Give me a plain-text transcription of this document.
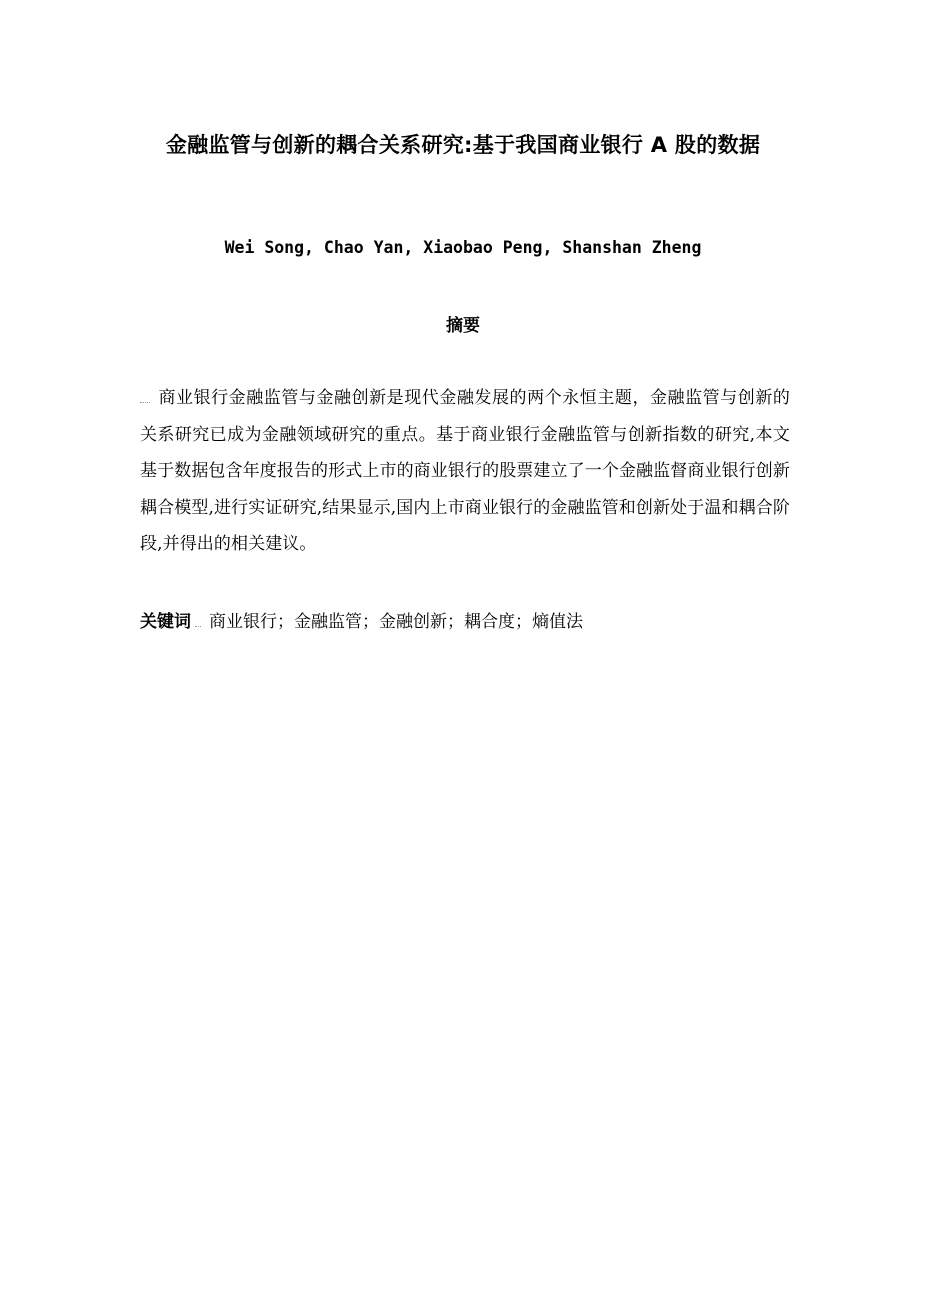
金融监管与创新的耦合关系研究:基于我国商业银行 A 股的数据
Wei Song, Chao Yan, Xiaobao Peng, Shanshan Zheng
摘要
商业银行金融监管与金融创新是现代金融发展的两个永恒主题，金融监管与创新的关系研究已成为金融领域研究的重点。基于商业银行金融监管与创新指数的研究,本文基于数据包含年度报告的形式上市的商业银行的股票建立了一个金融监督商业银行创新耦合模型,进行实证研究,结果显示,国内上市商业银行的金融监管和创新处于温和耦合阶段,并得出的相关建议。
关键词 商业银行；金融监管；金融创新；耦合度；熵值法
